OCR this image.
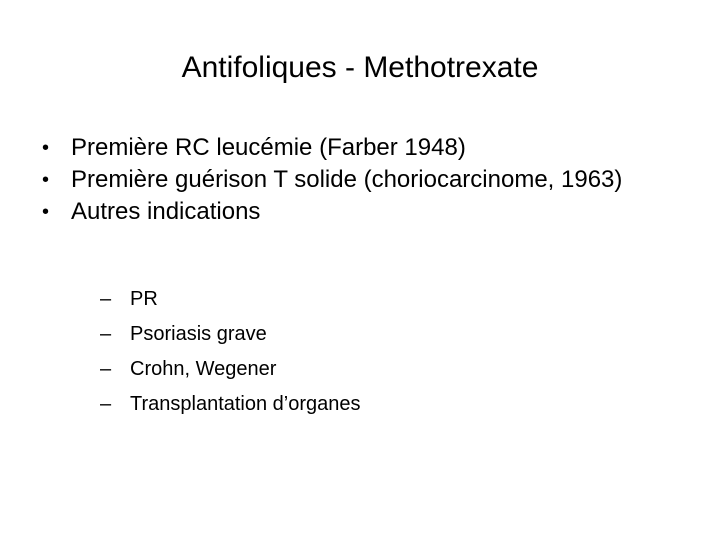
Antifoliques - Methotrexate
• Première RC leucémie (Farber 1948)
• Première guérison T solide (choriocarcinome, 1963)
• Autres indications
– PR
– Psoriasis grave
– Crohn, Wegener
– Transplantation d’organes
